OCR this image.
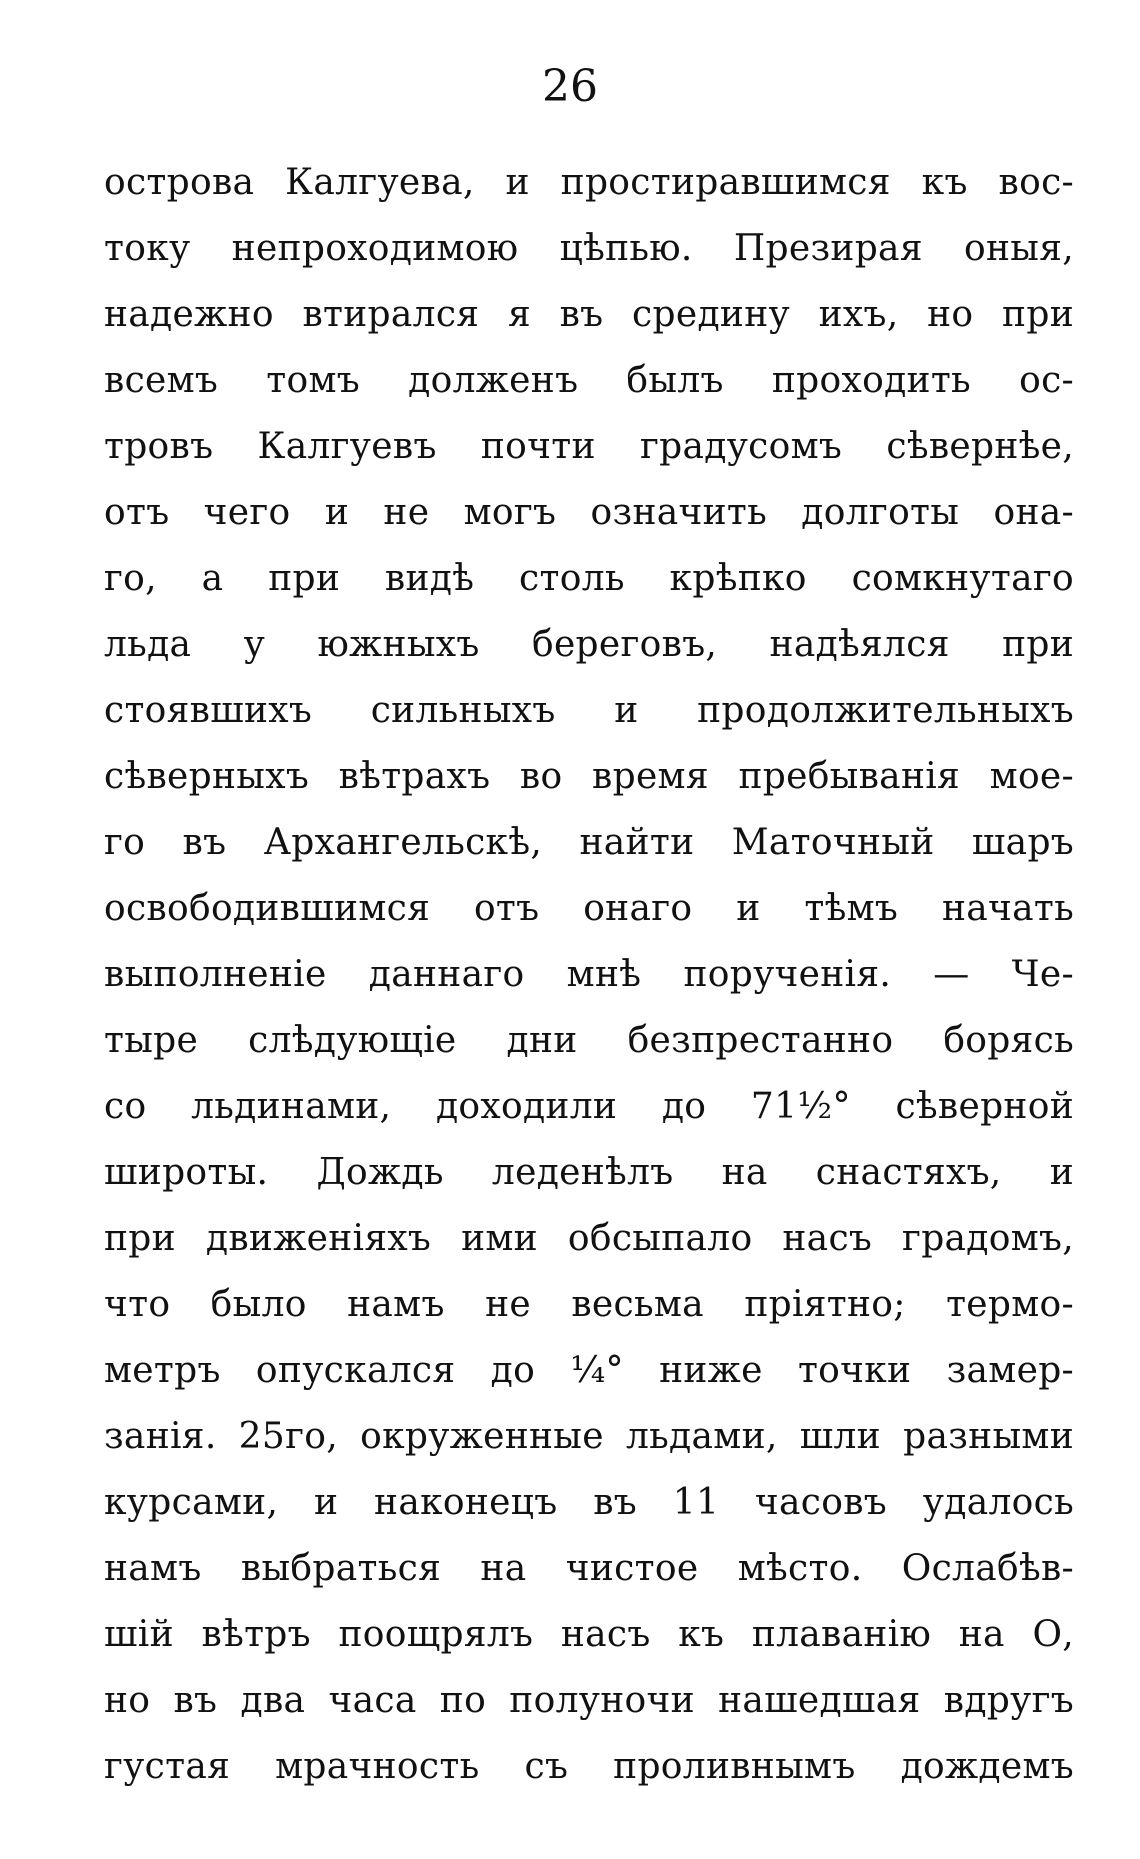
26
острова Калгуева, и простиравшимся къ вос-
току непроходимою цѣпью. Презирая оныя,
надежно втирался я въ средину ихъ, но при
всемъ томъ долженъ былъ проходить ос-
тровъ Калгуевъ почти градусомъ сѣвернѣе,
отъ чего и не могъ означить долготы она-
го, а при видѣ столь крѣпко сомкнутаго
льда у южныхъ береговъ, надѣялся при
стоявшихъ сильныхъ и продолжительныхъ
сѣверныхъ вѣтрахъ во время пребыванія мое-
го въ Архангельскѣ, найти Маточный шаръ
освободившимся отъ онаго и тѣмъ начать
выполненіе даннаго мнѣ порученія. — Че-
тыре слѣдующіе дни безпрестанно борясь
со льдинами, доходили до 71½° сѣверной
широты. Дождь леденѣлъ на снастяхъ, и
при движеніяхъ ими обсыпало насъ градомъ,
что было намъ не весьма пріятно; термо-
метръ опускался до ¼° ниже точки замер-
занія. 25го, окруженные льдами, шли разными
курсами, и наконецъ въ 11 часовъ удалось
намъ выбраться на чистое мѣсто. Ослабѣв-
шій вѣтръ поощрялъ насъ къ плаванію на О,
но въ два часа по полуночи нашедшая вдругъ
густая мрачность съ проливнымъ дождемъ
